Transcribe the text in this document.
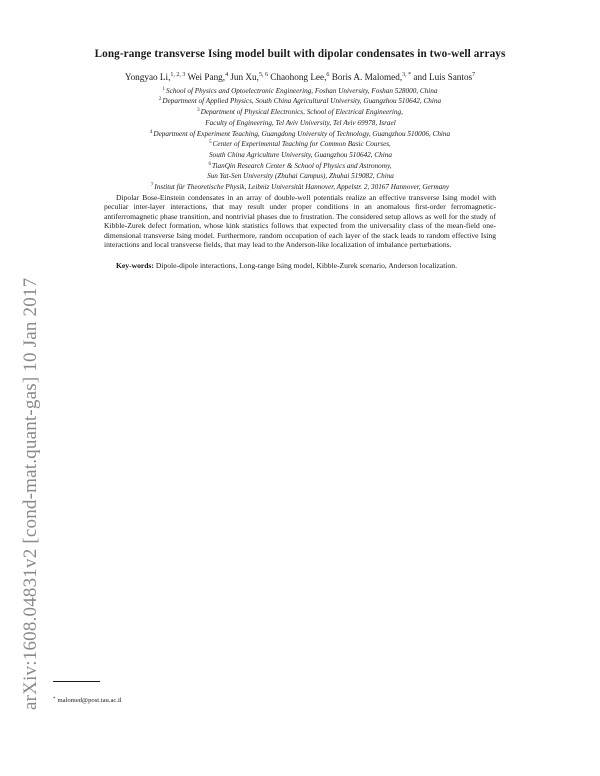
arXiv:1608.04831v2 [cond-mat.quant-gas] 10 Jan 2017
Long-range transverse Ising model built with dipolar condensates in two-well arrays
Yongyao Li,$^{1, 2, 3}$ Wei Pang,$^4$ Jun Xu,$^{5, 6}$ Chaohong Lee,$^6$ Boris A. Malomed,$^{3, *}$ and Luis Santos$^7$
$^1$School of Physics and Optoelectronic Engineering, Foshan University, Foshan 528000, China
$^2$Department of Applied Physics, South China Agricultural University, Guangzhou 510642, China
$^3$Department of Physical Electronics, School of Electrical Engineering,
Faculty of Engineering, Tel Aviv University, Tel Aviv 69978, Israel
$^4$Department of Experiment Teaching, Guangdong University of Technology, Guangzhou 510006, China
$^5$Center of Experimental Teaching for Common Basic Courses,
South China Agriculture University, Guangzhou 510642, China
$^6$TianQin Research Center & School of Physics and Astronomy,
Sun Yat-Sen University (Zhuhai Campus), Zhuhai 519082, China
$^7$Institut für Theoretische Physik, Leibniz Universität Hannover, Appelstr. 2, 30167 Hannover, Germany

Dipolar Bose-Einstein condensates in an array of double-well potentials realize an effective transverse Ising model with peculiar inter-layer interactions, that may result under proper conditions in an anomalous first-order ferromagnetic-antiferromagnetic phase transition, and nontrivial phases due to frustration. The considered setup allows as well for the study of Kibble-Zurek defect formation, whose kink statistics follows that expected from the universality class of the mean-field one-dimensional transverse Ising model. Furthermore, random occupation of each layer of the stack leads to random effective Ising interactions and local transverse fields, that may lead to the Anderson-like localization of imbalance perturbations.

Key-words: Dipole-dipole interactions, Long-range Ising model, Kibble-Zurek scenario, Anderson localization.

* malomed@post.tau.ac.il
